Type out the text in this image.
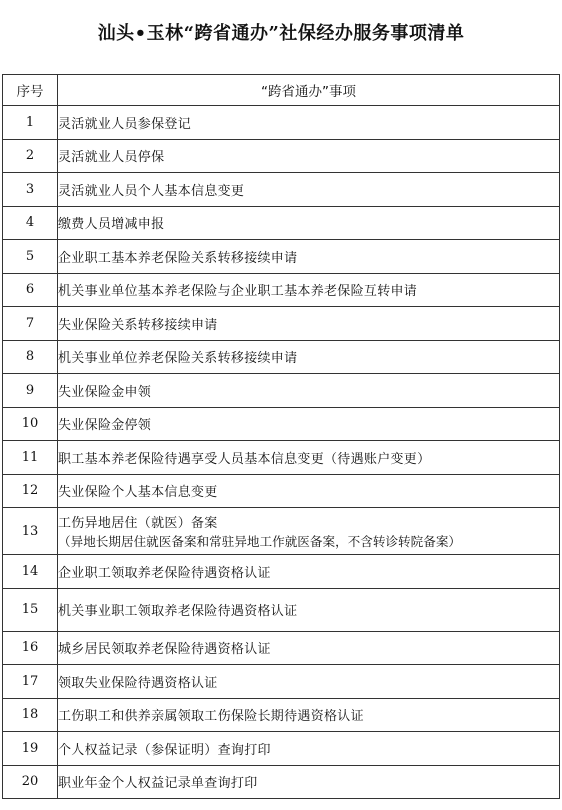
汕头•玉林“跨省通办”社保经办服务事项清单
序号	“跨省通办”事项
1	灵活就业人员参保登记
2	灵活就业人员停保
3	灵活就业人员个人基本信息变更
4	缴费人员增减申报
5	企业职工基本养老保险关系转移接续申请
6	机关事业单位基本养老保险与企业职工基本养老保险互转申请
7	失业保险关系转移接续申请
8	机关事业单位养老保险关系转移接续申请
9	失业保险金申领
10	失业保险金停领
11	职工基本养老保险待遇享受人员基本信息变更（待遇账户变更）
12	失业保险个人基本信息变更
13	工伤异地居住（就医）备案
（异地长期居住就医备案和常驻异地工作就医备案，不含转诊转院备案）

14	企业职工领取养老保险待遇资格认证
15	机关事业职工领取养老保险待遇资格认证
16	城乡居民领取养老保险待遇资格认证
17	领取失业保险待遇资格认证
18	工伤职工和供养亲属领取工伤保险长期待遇资格认证
19	个人权益记录（参保证明）查询打印
20	职业年金个人权益记录单查询打印
